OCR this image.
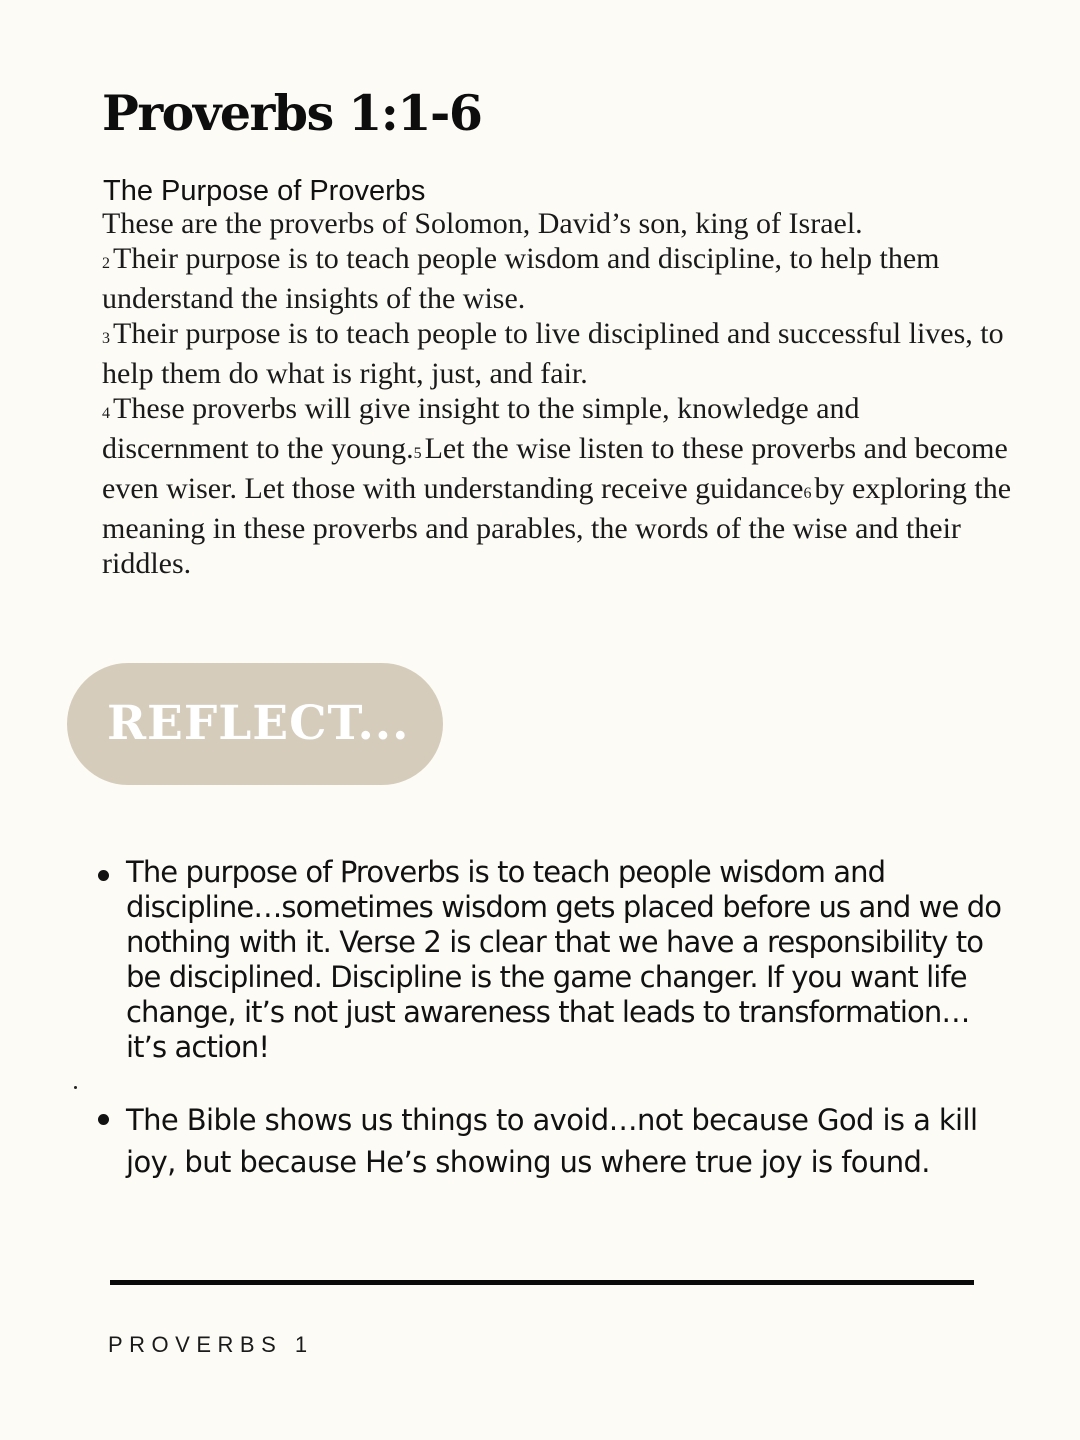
Proverbs 1:1-6
The Purpose of Proverbs

These are the proverbs of Solomon, David’s son, king of Israel.

2 Their purpose is to teach people wisdom and discipline, to help them understand the insights of the wise.

3 Their purpose is to teach people to live disciplined and successful lives, to help them do what is right, just, and fair.

4 These proverbs will give insight to the simple, knowledge and discernment to the young.5 Let the wise listen to these proverbs and become even wiser. Let those with understanding receive guidance6 by exploring the meaning in these proverbs and parables, the words of the wise and their riddles.

REFLECT...
The purpose of Proverbs is to teach people wisdom and discipline…sometimes wisdom gets placed before us and we do nothing with it. Verse 2 is clear that we have a responsibility to be disciplined. Discipline is the game changer. If you want life change, it’s not just awareness that leads to transformation…it’s action!
The Bible shows us things to avoid…not because God is a kill joy, but because He’s showing us where true joy is found.

PROVERBS 1
